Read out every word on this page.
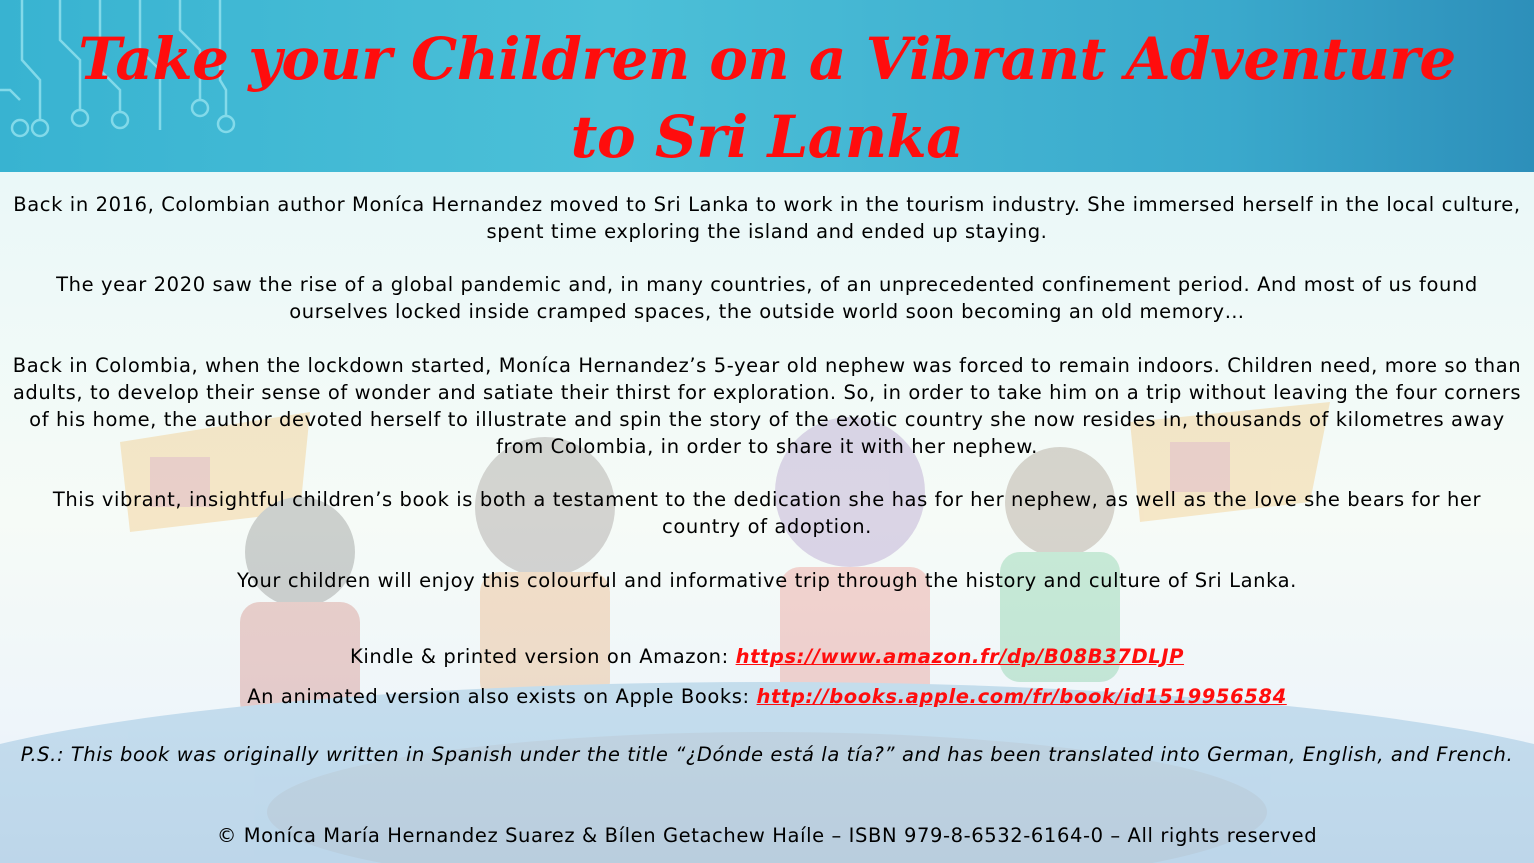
Take your Children on a Vibrant Adventure
to Sri Lanka

Back in 2016, Colombian author Moníca Hernandez moved to Sri Lanka to work in the tourism industry. She immersed herself in the local culture, spent time exploring the island and ended up staying.

The year 2020 saw the rise of a global pandemic and, in many countries, of an unprecedented confinement period. And most of us found ourselves locked inside cramped spaces, the outside world soon becoming an old memory…

Back in Colombia, when the lockdown started, Moníca Hernandez’s 5-year old nephew was forced to remain indoors. Children need, more so than adults, to develop their sense of wonder and satiate their thirst for exploration. So, in order to take him on a trip without leaving the four corners of his home, the author devoted herself to illustrate and spin the story of the exotic country she now resides in, thousands of kilometres away from Colombia, in order to share it with her nephew.

This vibrant, insightful children’s book is both a testament to the dedication she has for her nephew, as well as the love she bears for her country of adoption.

Your children will enjoy this colourful and informative trip through the history and culture of Sri Lanka.

Kindle & printed version on Amazon: https://www.amazon.fr/dp/B08B37DLJP

An animated version also exists on Apple Books: http://books.apple.com/fr/book/id1519956584

P.S.: This book was originally written in Spanish under the title “¿Dónde está la tía?” and has been translated into German, English, and French.

© Moníca María Hernandez Suarez & Bílen Getachew Haíle – ISBN 979-8-6532-6164-0 – All rights reserved
